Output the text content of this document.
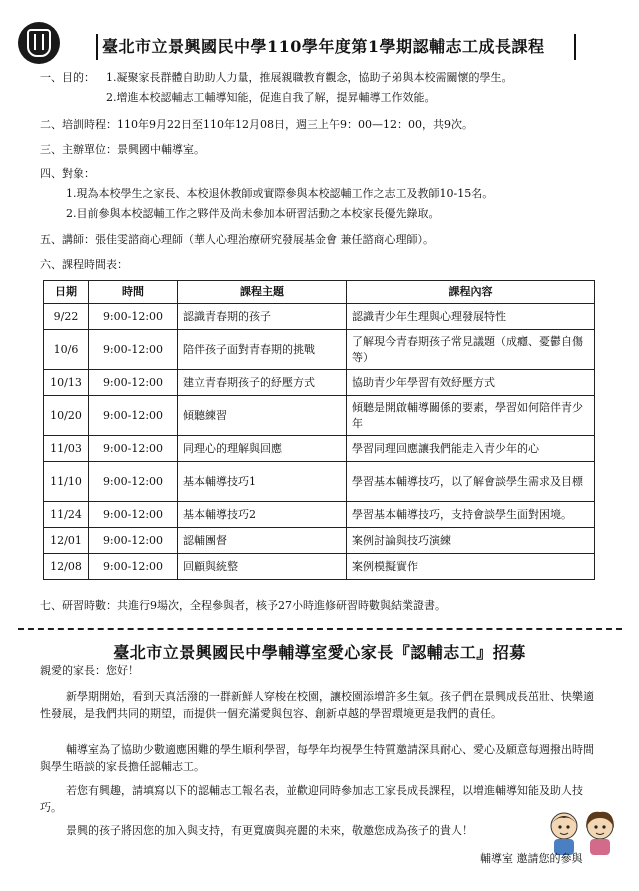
臺北市立景興國民中學110學年度第1學期認輔志工成長課程
一、目的： 1.凝聚家長群體自助助人力量，推展親職教育觀念，協助子弟與本校需關懷的學生。
2.增進本校認輔志工輔導知能，促進自我了解，提昇輔導工作效能。
二、培訓時程：110年9月22日至110年12月08日，週三上午9：00—12：00，共9次。
三、主辦單位：景興國中輔導室。
四、對象：
1.現為本校學生之家長、本校退休教師或實際參與本校認輔工作之志工及教師10-15名。
2.目前參與本校認輔工作之夥伴及尚未參加本研習活動之本校家長優先錄取。
五、講師：張佳雯諮商心理師（華人心理治療研究發展基金會 兼任諮商心理師）。
六、課程時間表：
日期	時間	課程主題	課程內容
9/22	9:00-12:00	認識青春期的孩子	認識青少年生理與心理發展特性
10/6	9:00-12:00	陪伴孩子面對青春期的挑戰	了解現今青春期孩子常見議題（成癮、憂鬱自傷等）
10/13	9:00-12:00	建立青春期孩子的紓壓方式	協助青少年學習有效紓壓方式
10/20	9:00-12:00	傾聽練習	傾聽是開啟輔導關係的要素，學習如何陪伴青少年
11/03	9:00-12:00	同理心的理解與回應	學習同理回應讓我們能走入青少年的心
11/10	9:00-12:00	基本輔導技巧1	學習基本輔導技巧，以了解會談學生需求及目標
11/24	9:00-12:00	基本輔導技巧2	學習基本輔導技巧，支持會談學生面對困境。
12/01	9:00-12:00	認輔團督	案例討論與技巧演練
12/08	9:00-12:00	回顧與統整	案例模擬實作
七、研習時數：共進行9場次，全程參與者，核予27小時進修研習時數與結業證書。
臺北市立景興國民中學輔導室愛心家長『認輔志工』招募
親愛的家長：您好！
新學期開始，看到天真活潑的一群新鮮人穿梭在校園，讓校園添增許多生氣。孩子們在景興成長茁壯、快樂適性發展，是我們共同的期望，而提供一個充滿愛與包容、創新卓越的學習環境更是我們的責任。
輔導室為了協助少數適應困難的學生順利學習，每學年均視學生特質邀請深具耐心、愛心及願意每週撥出時間與學生晤談的家長擔任認輔志工。
若您有興趣，請填寫以下的認輔志工報名表，並歡迎同時參加志工家長成長課程，以增進輔導知能及助人技巧。
景興的孩子將因您的加入與支持，有更寬廣與亮麗的未來，敬邀您成為孩子的貴人！
輔導室 邀請您的參與
